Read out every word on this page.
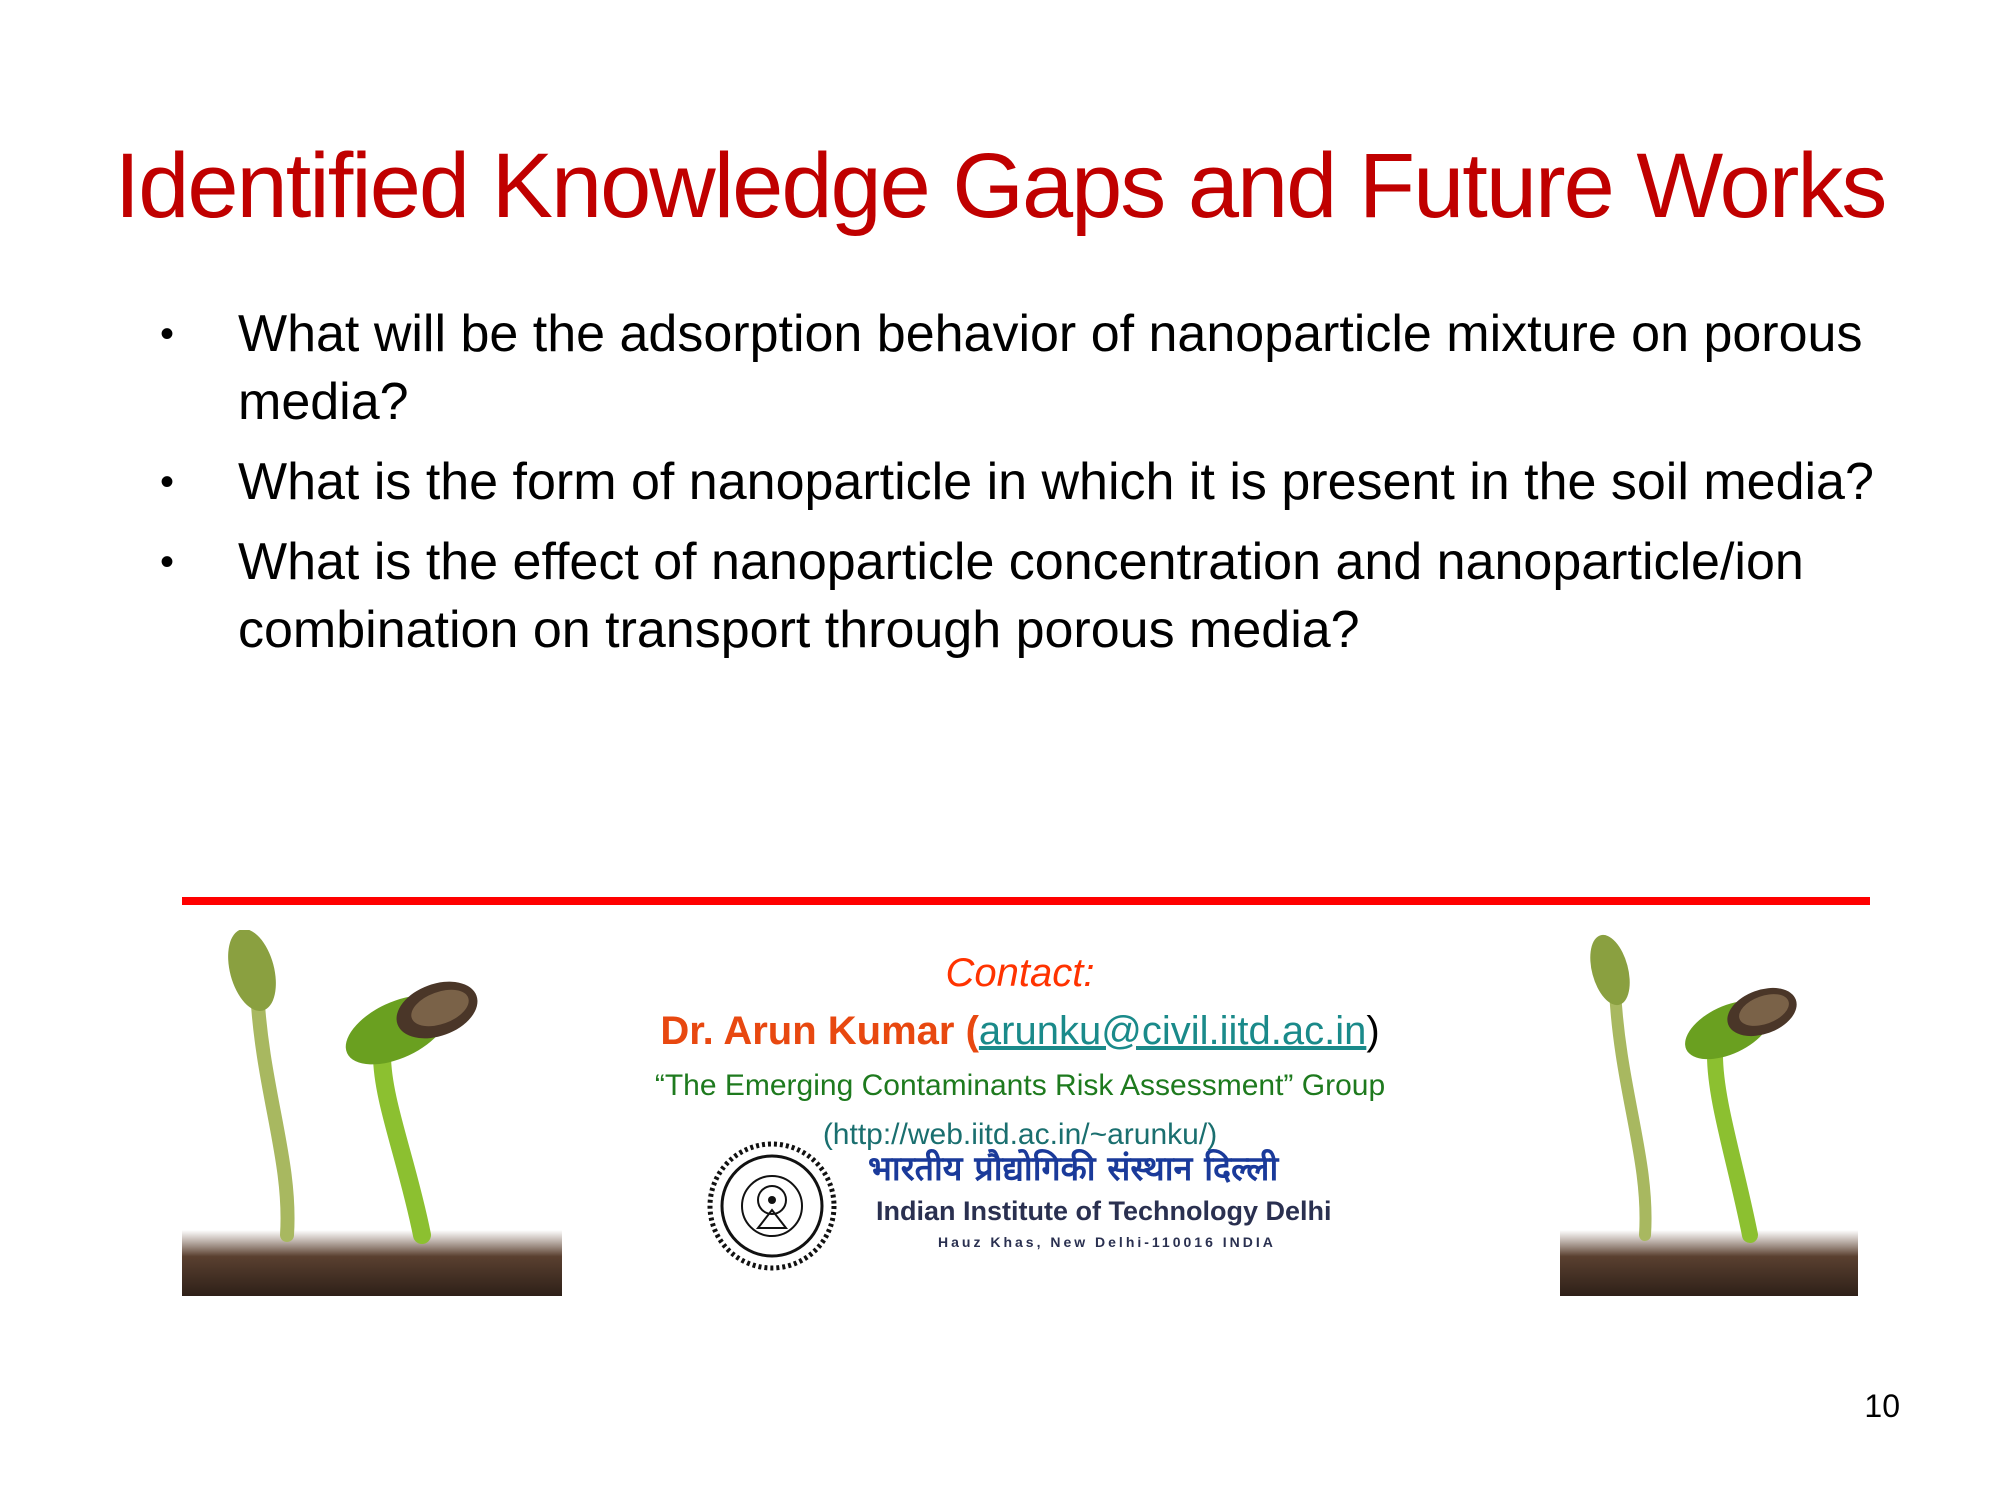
Identified Knowledge Gaps and Future Works
• What will be the adsorption behavior of nanoparticle mixture on porous media?
• What is the form of nanoparticle in which it is present in the soil media?
• What is the effect of nanoparticle concentration and nanoparticle/ion combination on transport through porous media?
Contact:
Dr. Arun Kumar (arunku@civil.iitd.ac.in)
“The Emerging Contaminants Risk Assessment” Group
(http://web.iitd.ac.in/~arunku/)
भारतीय प्रौद्योगिकी संस्थान दिल्ली
Indian Institute of Technology Delhi
Hauz Khas, New Delhi-110016 INDIA
10
